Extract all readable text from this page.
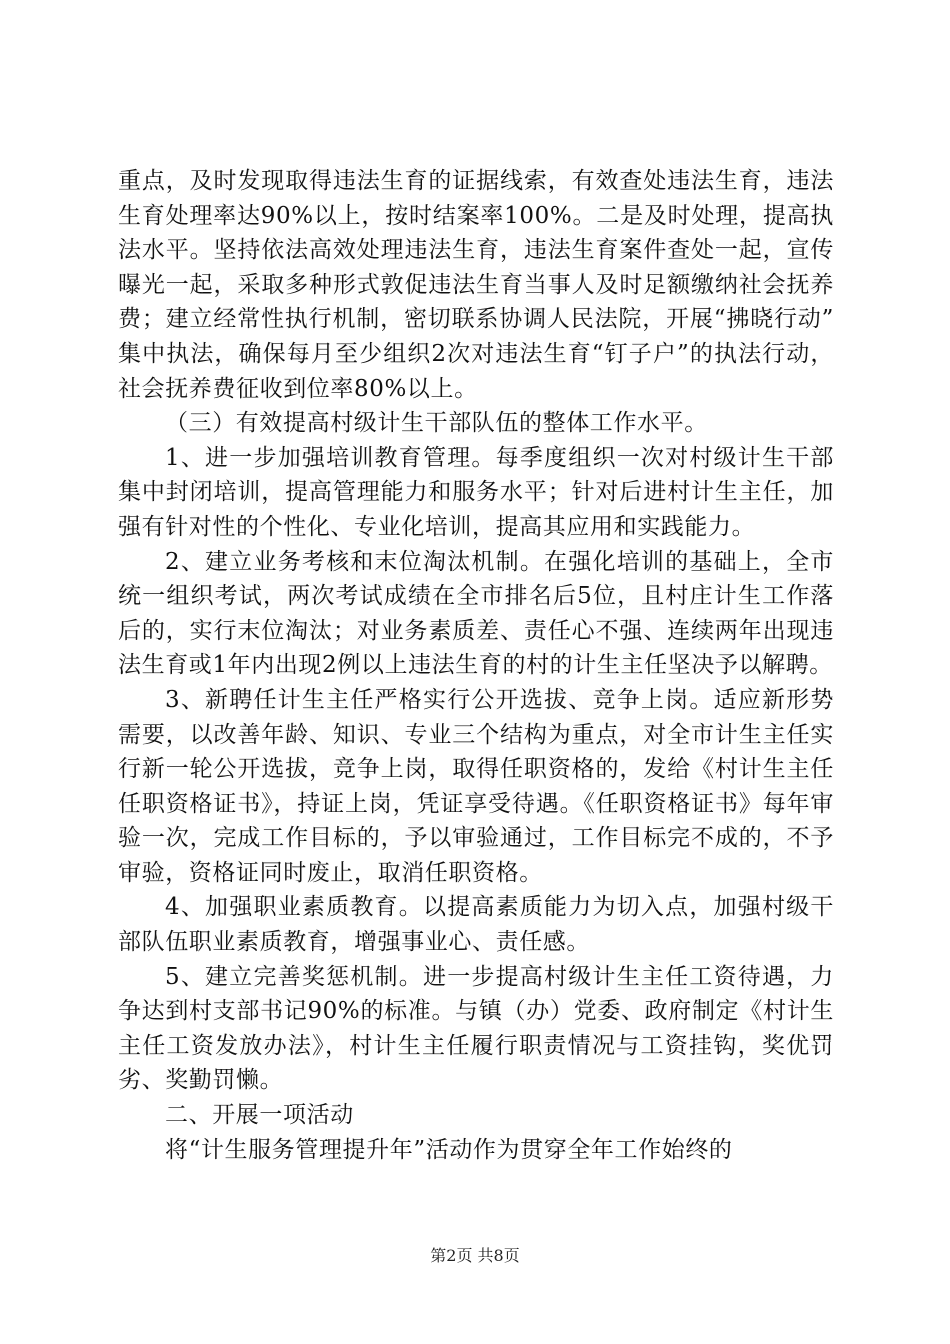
重点，及时发现取得违法生育的证据线索，有效查处违法生育，违法生育处理率达90%以上，按时结案率100%。二是及时处理，提高执法水平。坚持依法高效处理违法生育，违法生育案件查处一起，宣传曝光一起，采取多种形式敦促违法生育当事人及时足额缴纳社会抚养费；建立经常性执行机制，密切联系协调人民法院，开展“拂晓行动”集中执法，确保每月至少组织2次对违法生育“钉子户”的执法行动，社会抚养费征收到位率80%以上。

（三）有效提高村级计生干部队伍的整体工作水平。

1、进一步加强培训教育管理。每季度组织一次对村级计生干部集中封闭培训，提高管理能力和服务水平；针对后进村计生主任，加强有针对性的个性化、专业化培训，提高其应用和实践能力。

2、建立业务考核和末位淘汰机制。在强化培训的基础上，全市统一组织考试，两次考试成绩在全市排名后5位，且村庄计生工作落后的，实行末位淘汰；对业务素质差、责任心不强、连续两年出现违法生育或1年内出现2例以上违法生育的村的计生主任坚决予以解聘。

3、新聘任计生主任严格实行公开选拔、竞争上岗。适应新形势需要，以改善年龄、知识、专业三个结构为重点，对全市计生主任实行新一轮公开选拔，竞争上岗，取得任职资格的，发给《村计生主任任职资格证书》，持证上岗，凭证享受待遇。《任职资格证书》每年审验一次，完成工作目标的，予以审验通过，工作目标完不成的，不予审验，资格证同时废止，取消任职资格。

4、加强职业素质教育。以提高素质能力为切入点，加强村级干部队伍职业素质教育，增强事业心、责任感。

5、建立完善奖惩机制。进一步提高村级计生主任工资待遇，力争达到村支部书记90%的标准。与镇（办）党委、政府制定《村计生主任工资发放办法》，村计生主任履行职责情况与工资挂钩，奖优罚劣、奖勤罚懒。

二、开展一项活动

将“计生服务管理提升年”活动作为贯穿全年工作始终的

第2页 共8页
